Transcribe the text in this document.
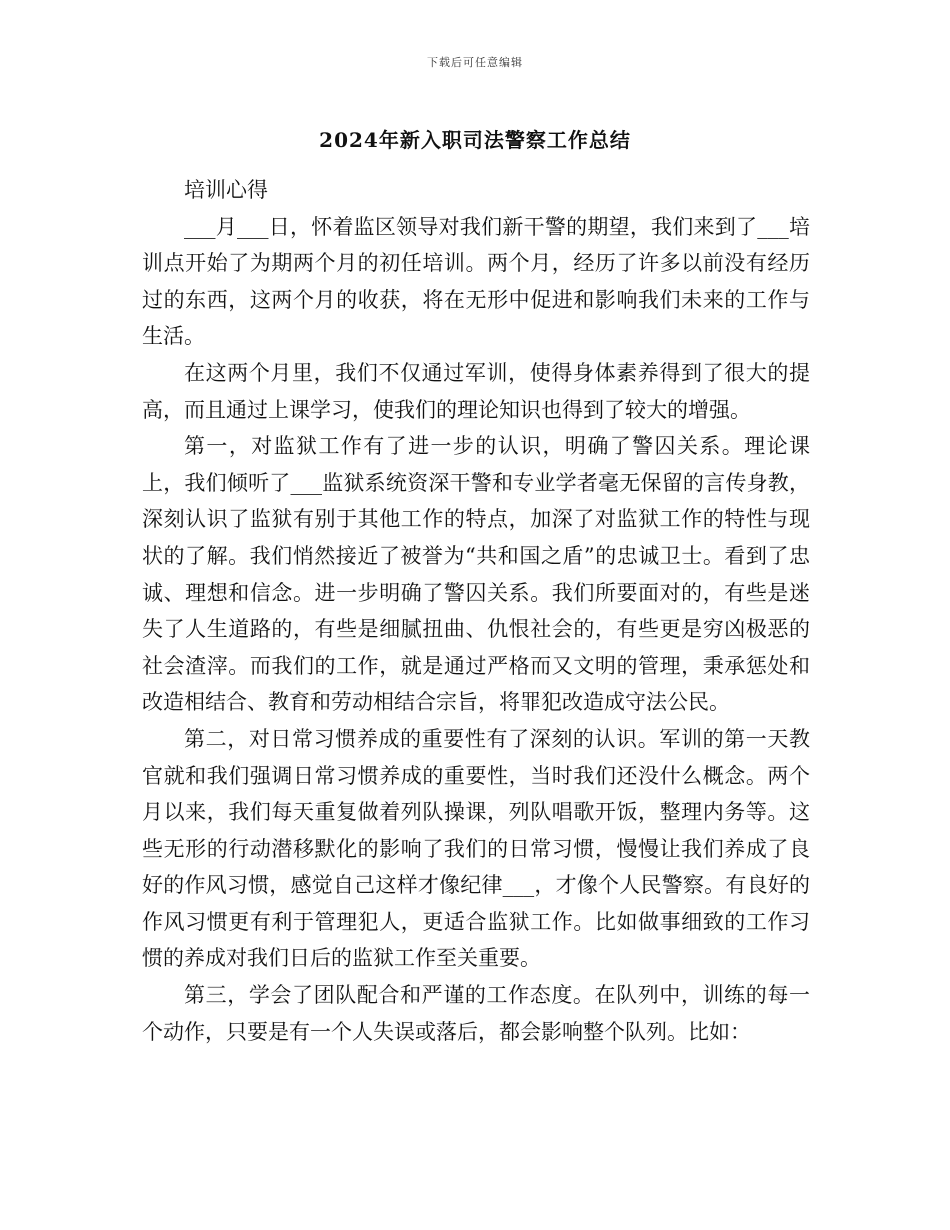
下载后可任意编辑
2024年新入职司法警察工作总结

培训心得

___月___日，怀着监区领导对我们新干警的期望，我们来到了___培训点开始了为期两个月的初任培训。两个月，经历了许多以前没有经历过的东西，这两个月的收获，将在无形中促进和影响我们未来的工作与生活。

在这两个月里，我们不仅通过军训，使得身体素养得到了很大的提高，而且通过上课学习，使我们的理论知识也得到了较大的增强。

第一，对监狱工作有了进一步的认识，明确了警囚关系。理论课上，我们倾听了___监狱系统资深干警和专业学者毫无保留的言传身教，深刻认识了监狱有别于其他工作的特点，加深了对监狱工作的特性与现状的了解。我们悄然接近了被誉为“共和国之盾”的忠诚卫士。看到了忠诚、理想和信念。进一步明确了警囚关系。我们所要面对的，有些是迷失了人生道路的，有些是细腻扭曲、仇恨社会的，有些更是穷凶极恶的社会渣滓。而我们的工作，就是通过严格而又文明的管理，秉承惩处和改造相结合、教育和劳动相结合宗旨，将罪犯改造成守法公民。

第二，对日常习惯养成的重要性有了深刻的认识。军训的第一天教官就和我们强调日常习惯养成的重要性，当时我们还没什么概念。两个月以来，我们每天重复做着列队操课，列队唱歌开饭，整理内务等。这些无形的行动潜移默化的影响了我们的日常习惯，慢慢让我们养成了良好的作风习惯，感觉自己这样才像纪律___，才像个人民警察。有良好的作风习惯更有利于管理犯人，更适合监狱工作。比如做事细致的工作习惯的养成对我们日后的监狱工作至关重要。

第三，学会了团队配合和严谨的工作态度。在队列中，训练的每一个动作，只要是有一个人失误或落后，都会影响整个队列。比如：
